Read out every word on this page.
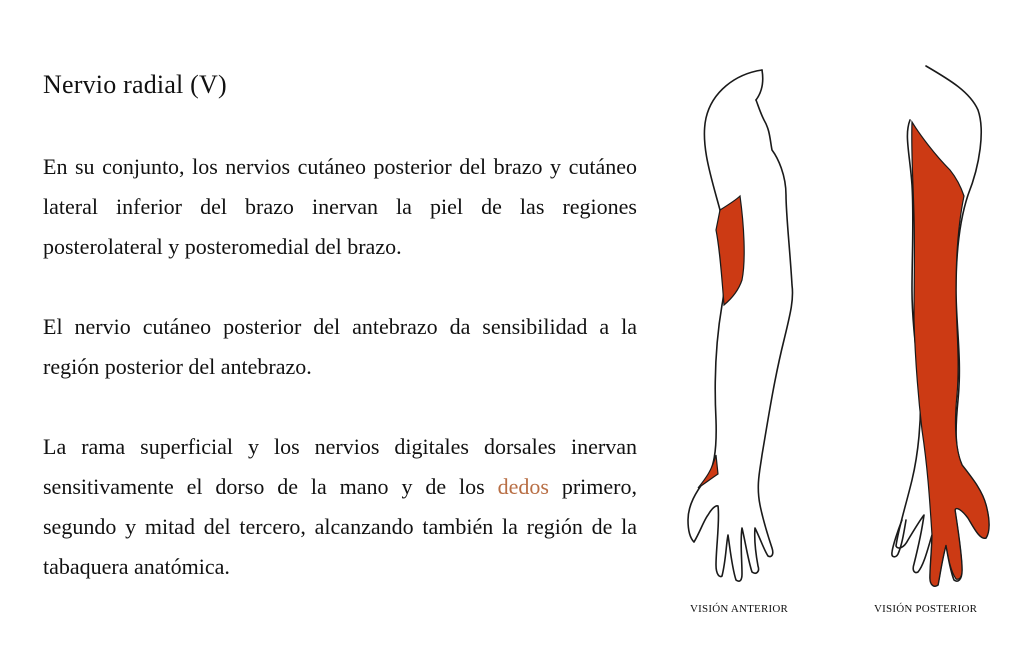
Nervio radial (V)

En su conjunto, los nervios cutáneo posterior del brazo y cutáneo lateral inferior del brazo inervan la piel de las regiones posterolateral y posteromedial del brazo.

El nervio cutáneo posterior del antebrazo da sensibilidad a la región posterior del antebrazo.

La rama superficial y los nervios digitales dorsales inervan sensitivamente el dorso de la mano y de los dedos primero, segundo y mitad del tercero, alcanzando también la región de la tabaquera anatómica.

VISIÓN ANTERIOR	VISIÓN POSTERIOR
